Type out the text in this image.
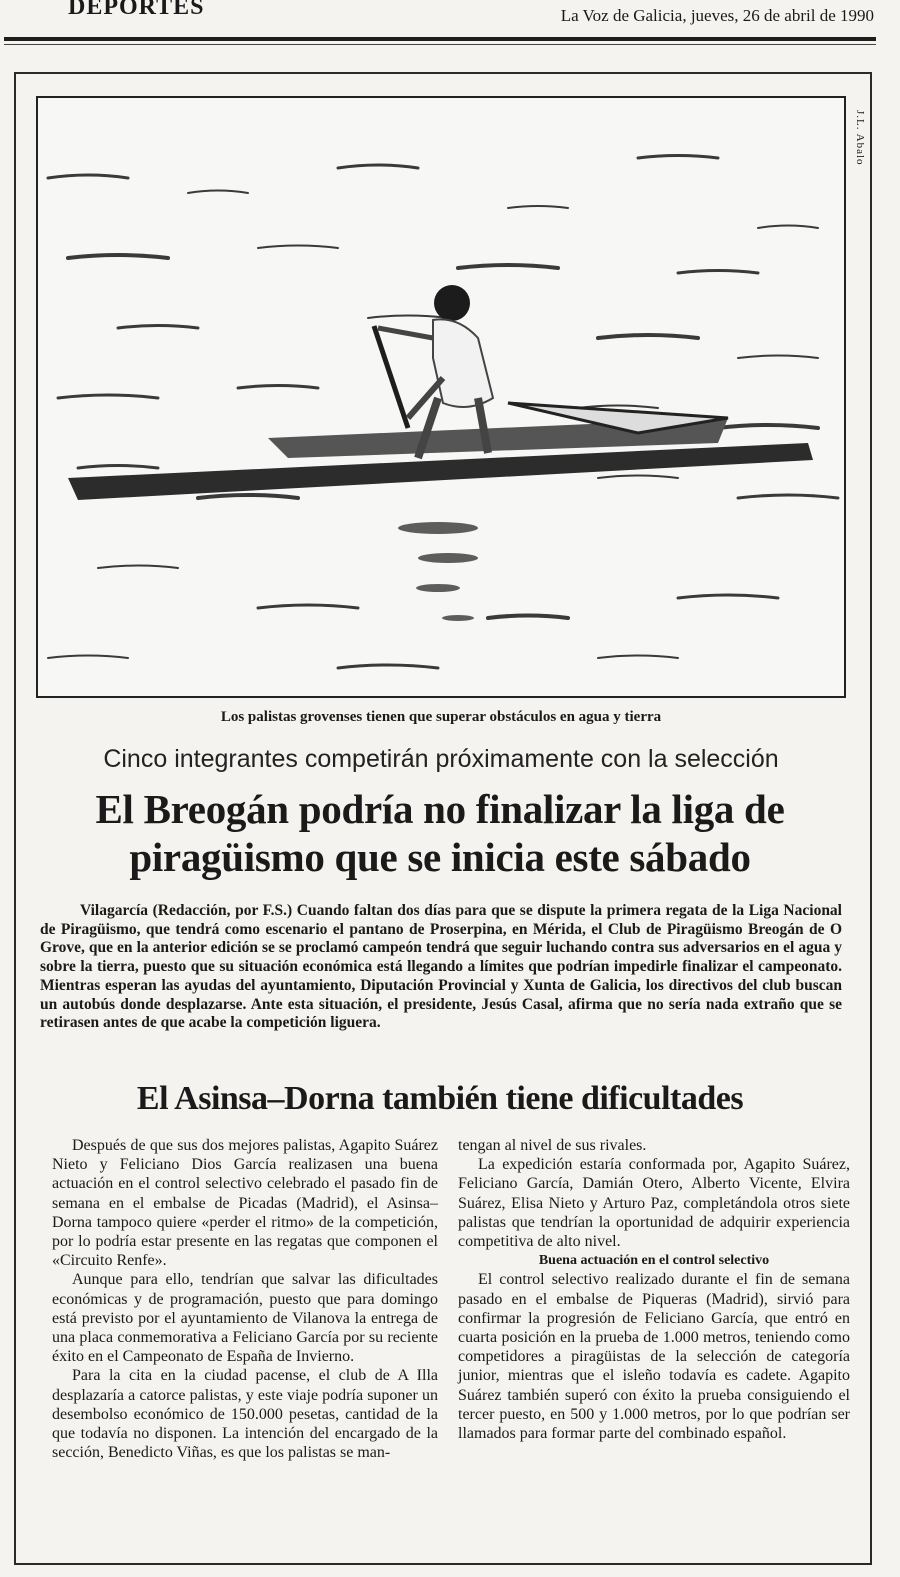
DEPORTES	La Voz de Galicia, jueves, 26 de abril de 1990
J.L. Abalo
Los palistas grovenses tienen que superar obstáculos en agua y tierra
Cinco integrantes competirán próximamente con la selección
El Breogán podría no finalizar la liga de
piragüismo que se inicia este sábado
Vilagarcía (Redacción, por F.S.) Cuando faltan dos días para que se dispute la primera regata de la Liga Nacional de Piragüismo, que tendrá como escenario el pantano de Proserpina, en Mérida, el Club de Piragüismo Breogán de O Grove, que en la anterior edición se se proclamó campeón tendrá que seguir luchando contra sus adversarios en el agua y sobre la tierra, puesto que su situación económica está llegando a límites que podrían impedirle finalizar el campeonato. Mientras esperan las ayudas del ayuntamiento, Diputación Provincial y Xunta de Galicia, los directivos del club buscan un autobús donde desplazarse. Ante esta situación, el presidente, Jesús Casal, afirma que no sería nada extraño que se retirasen antes de que acabe la competición liguera.
El Asinsa–Dorna también tiene dificultades

Después de que sus dos mejores palistas, Agapito Suárez Nieto y Feliciano Dios García realizasen una buena actuación en el control selectivo celebrado el pasado fin de semana en el embalse de Picadas (Madrid), el Asinsa–Dorna tampoco quiere «perder el ritmo» de la competición, por lo podría estar presente en las regatas que componen el «Circuito Renfe».

Aunque para ello, tendrían que salvar las dificultades económicas y de programación, puesto que para domingo está previsto por el ayuntamiento de Vilanova la entrega de una placa conmemorativa a Feliciano García por su reciente éxito en el Campeonato de España de Invierno.

Para la cita en la ciudad pacense, el club de A Illa desplazaría a catorce palistas, y este viaje podría suponer un desembolso económico de 150.000 pesetas, cantidad de la que todavía no disponen. La intención del encargado de la sección, Benedicto Viñas, es que los palistas se man-

tengan al nivel de sus rivales.

La expedición estaría conformada por, Agapito Suárez, Feliciano García, Damián Otero, Alberto Vicente, Elvira Suárez, Elisa Nieto y Arturo Paz, completándola otros siete palistas que tendrían la oportunidad de adquirir experiencia competitiva de alto nivel.

Buena actuación en el control selectivo

El control selectivo realizado durante el fin de semana pasado en el embalse de Piqueras (Madrid), sirvió para confirmar la progresión de Feliciano García, que entró en cuarta posición en la prueba de 1.000 metros, teniendo como competidores a piragüistas de la selección de categoría junior, mientras que el isleño todavía es cadete. Agapito Suárez también superó con éxito la prueba consiguiendo el tercer puesto, en 500 y 1.000 metros, por lo que podrían ser llamados para formar parte del combinado español.
